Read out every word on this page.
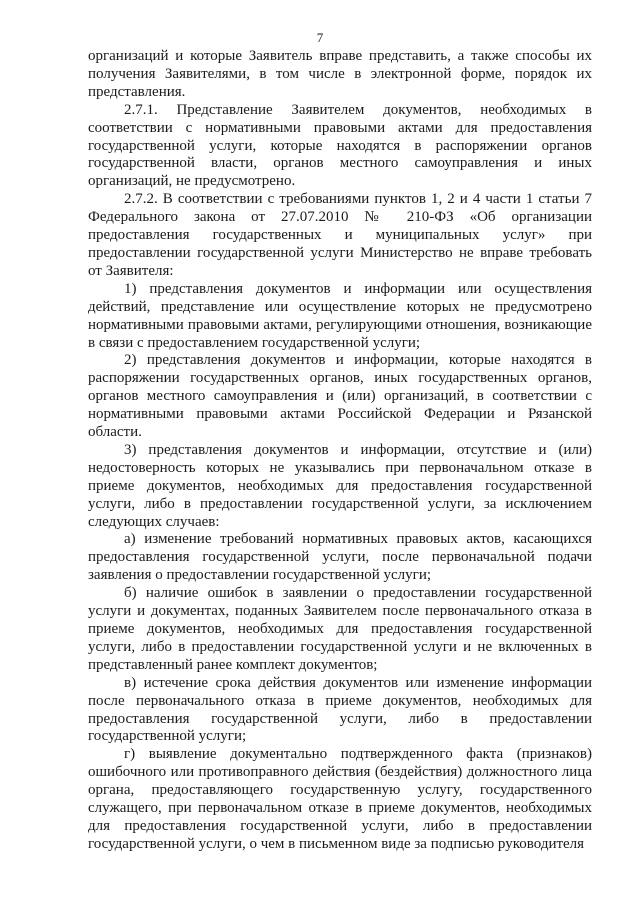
7

организаций и которые Заявитель вправе представить, а также способы их получения Заявителями, в том числе в электронной форме, порядок их представления.

2.7.1. Представление Заявителем документов, необходимых в соответствии с нормативными правовыми актами для предоставления государственной услуги, которые находятся в распоряжении органов государственной власти, органов местного самоуправления и иных организаций, не предусмотрено.

2.7.2. В соответствии с требованиями пунктов 1, 2 и 4 части 1 статьи 7 Федерального закона от 27.07.2010 № 210-ФЗ «Об организации предоставления государственных и муниципальных услуг» при предоставлении государственной услуги Министерство не вправе требовать от Заявителя:

1) представления документов и информации или осуществления действий, представление или осуществление которых не предусмотрено нормативными правовыми актами, регулирующими отношения, возникающие в связи с предоставлением государственной услуги;

2) представления документов и информации, которые находятся в распоряжении государственных органов, иных государственных органов, органов местного самоуправления и (или) организаций, в соответствии с нормативными правовыми актами Российской Федерации и Рязанской области.

3) представления документов и информации, отсутствие и (или) недостоверность которых не указывались при первоначальном отказе в приеме документов, необходимых для предоставления государственной услуги, либо в предоставлении государственной услуги, за исключением следующих случаев:

а) изменение требований нормативных правовых актов, касающихся предоставления государственной услуги, после первоначальной подачи заявления о предоставлении государственной услуги;

б) наличие ошибок в заявлении о предоставлении государственной услуги и документах, поданных Заявителем после первоначального отказа в приеме документов, необходимых для предоставления государственной услуги, либо в предоставлении государственной услуги и не включенных в представленный ранее комплект документов;

в) истечение срока действия документов или изменение информации после первоначального отказа в приеме документов, необходимых для предоставления государственной услуги, либо в предоставлении государственной услуги;

г) выявление документально подтвержденного факта (признаков) ошибочного или противоправного действия (бездействия) должностного лица органа, предоставляющего государственную услугу, государственного служащего, при первоначальном отказе в приеме документов, необходимых для предоставления государственной услуги, либо в предоставлении государственной услуги, о чем в письменном виде за подписью руководителя
